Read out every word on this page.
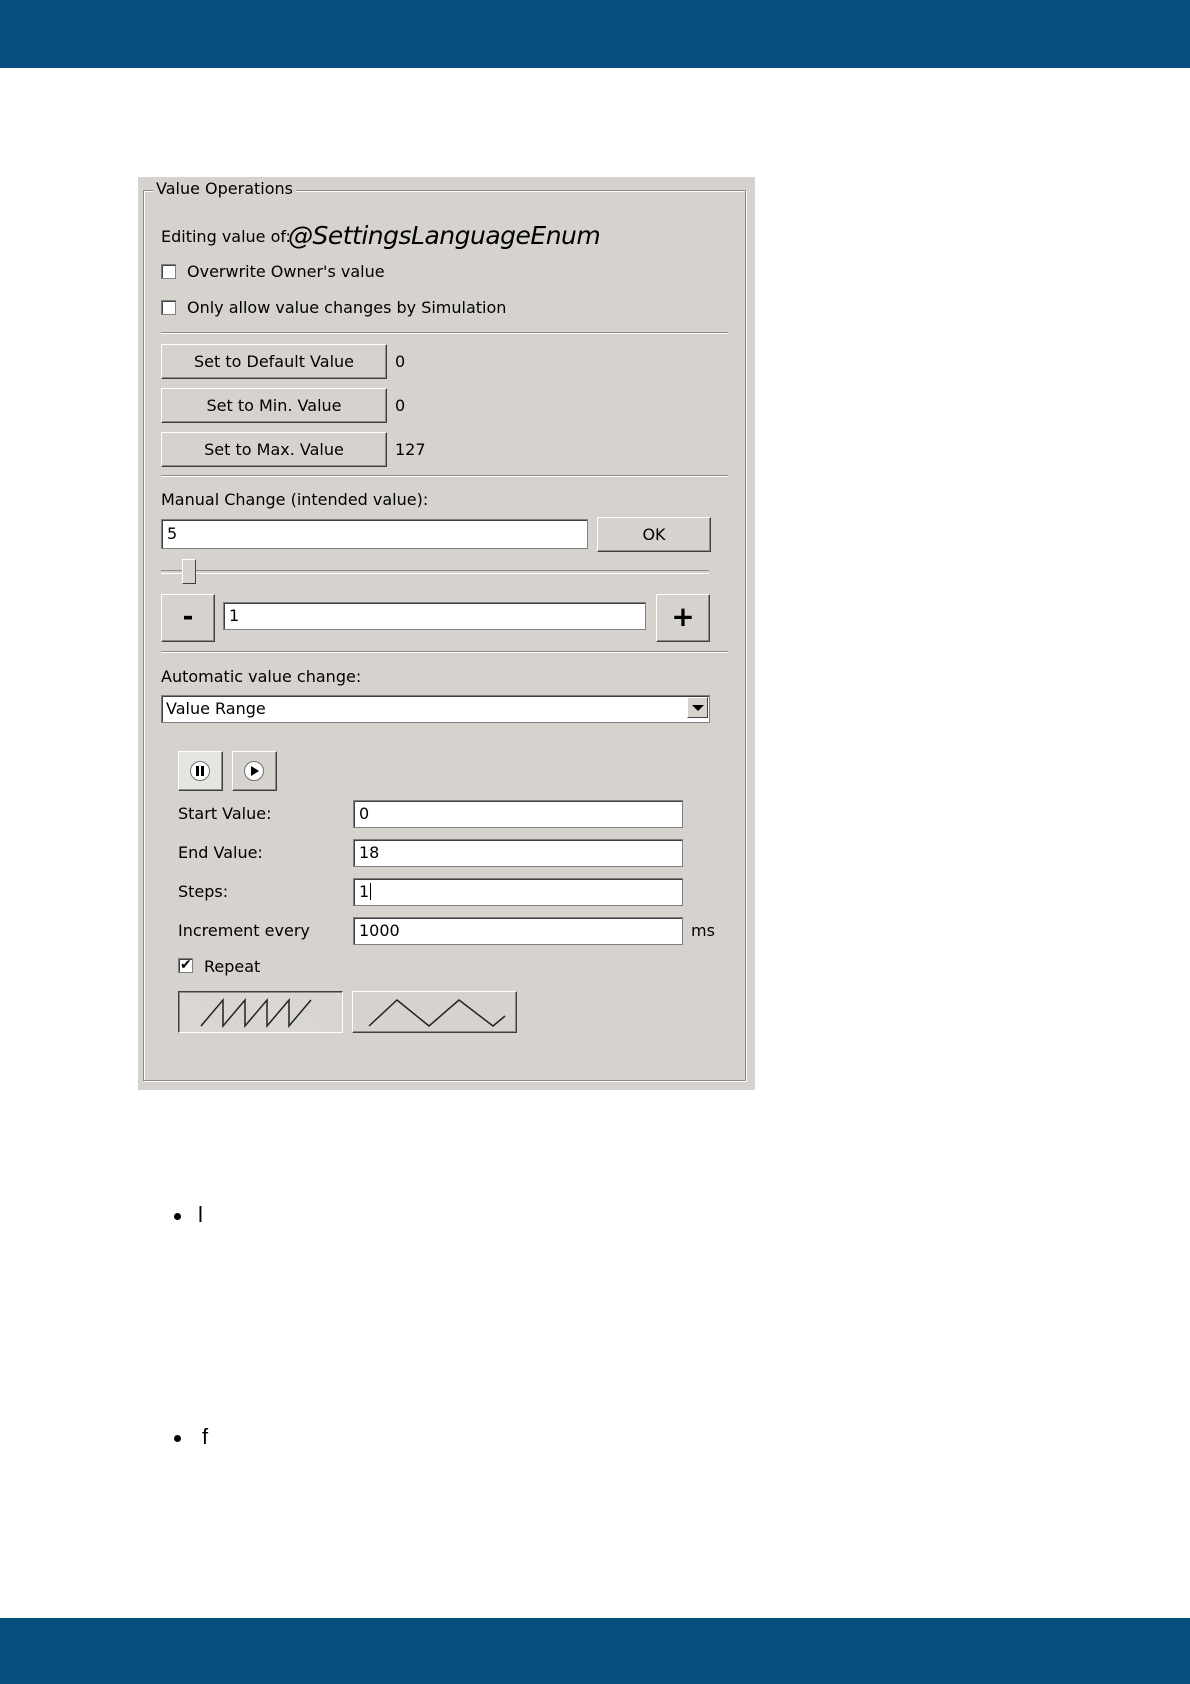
Value Operations
Editing value of:
@SettingsLanguageEnum
Overwrite Owner's value
Only allow value changes by Simulation
Set to Default Value	0
Set to Min. Value	0
Set to Max. Value	127
Manual Change (intended value):
5	OK
-	1	+
Automatic value change:
Value Range
Start Value:	0
End Value:	18
Steps:	1
Increment every	1000	ms
✔
Repeat
l
f
